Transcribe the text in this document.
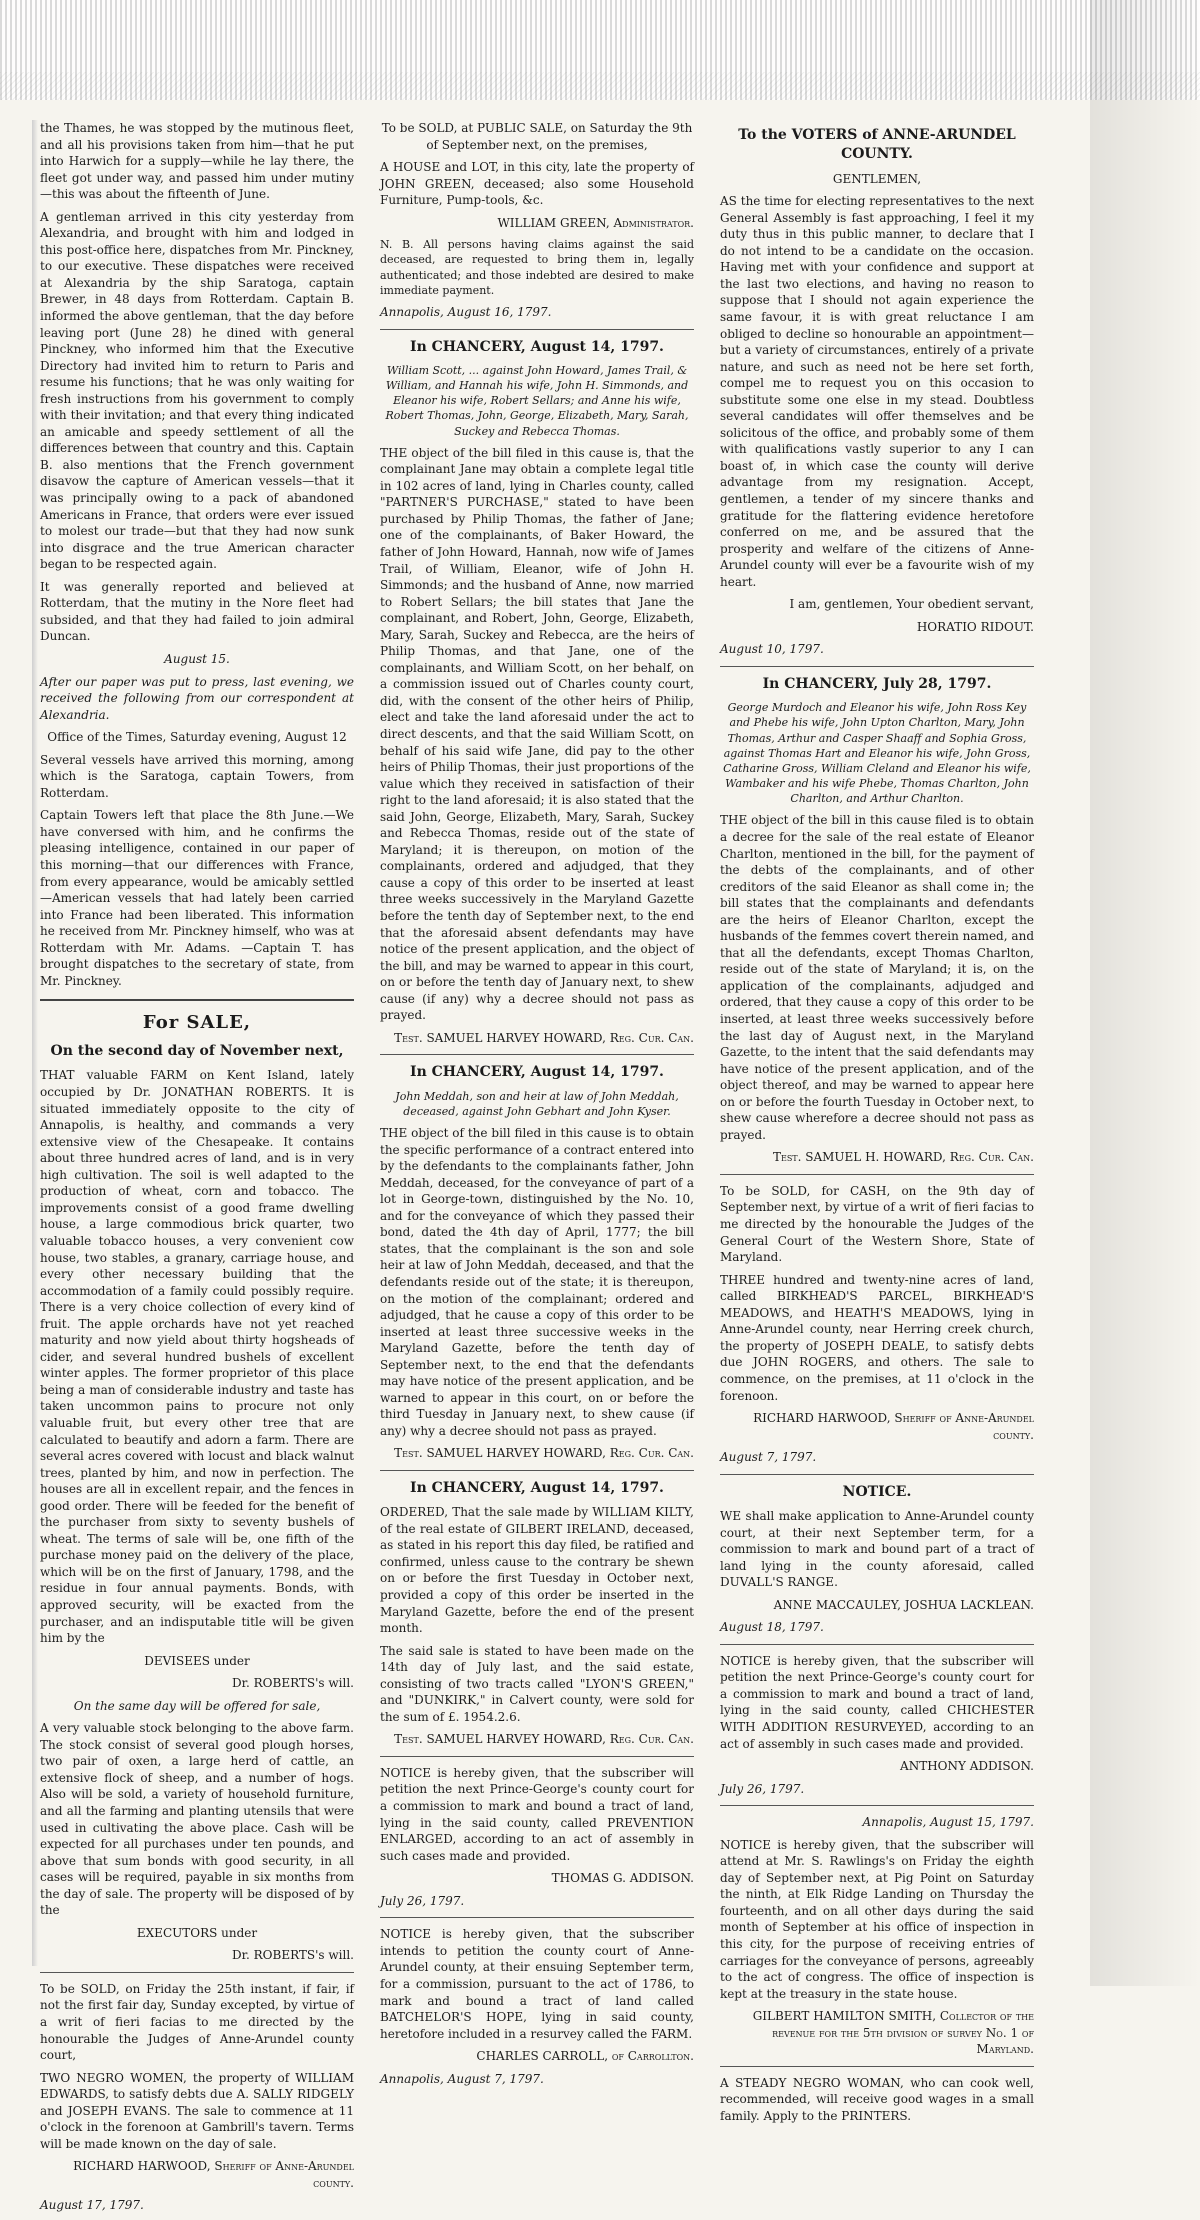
the Thames, he was stopped by the mutinous fleet, and all his provisions taken from him—that he put into Harwich for a supply—while he lay there, the fleet got under way, and passed him under mutiny—this was about the fifteenth of June.

A gentleman arrived in this city yesterday from Alexandria, and brought with him and lodged in this post-office here, dispatches from Mr. Pinckney, to our executive. These dispatches were received at Alexandria by the ship Saratoga, captain Brewer, in 48 days from Rotterdam. Captain B. informed the above gentleman, that the day before leaving port (June 28) he dined with general Pinckney, who informed him that the Executive Directory had invited him to return to Paris and resume his functions; that he was only waiting for fresh instructions from his government to comply with their invitation; and that every thing indicated an amicable and speedy settlement of all the differences between that country and this. Captain B. also mentions that the French government disavow the capture of American vessels—that it was principally owing to a pack of abandoned Americans in France, that orders were ever issued to molest our trade—but that they had now sunk into disgrace and the true American character began to be respected again.

It was generally reported and believed at Rotterdam, that the mutiny in the Nore fleet had subsided, and that they had failed to join admiral Duncan.

August 15.

After our paper was put to press, last evening, we received the following from our correspondent at Alexandria.

Office of the Times, Saturday evening, August 12

Several vessels have arrived this morning, among which is the Saratoga, captain Towers, from Rotterdam.

Captain Towers left that place the 8th June.—We have conversed with him, and he confirms the pleasing intelligence, contained in our paper of this morning—that our differences with France, from every appearance, would be amicably settled—American vessels that had lately been carried into France had been liberated. This information he received from Mr. Pinckney himself, who was at Rotterdam with Mr. Adams. —Captain T. has brought dispatches to the secretary of state, from Mr. Pinckney.

For SALE,
On the second day of November next,

THAT valuable FARM on Kent Island, lately occupied by Dr. JONATHAN ROBERTS. It is situated immediately opposite to the city of Annapolis, is healthy, and commands a very extensive view of the Chesapeake. It contains about three hundred acres of land, and is in very high cultivation. The soil is well adapted to the production of wheat, corn and tobacco. The improvements consist of a good frame dwelling house, a large commodious brick quarter, two valuable tobacco houses, a very convenient cow house, two stables, a granary, carriage house, and every other necessary building that the accommodation of a family could possibly require. There is a very choice collection of every kind of fruit. The apple orchards have not yet reached maturity and now yield about thirty hogsheads of cider, and several hundred bushels of excellent winter apples. The former proprietor of this place being a man of considerable industry and taste has taken uncommon pains to procure not only valuable fruit, but every other tree that are calculated to beautify and adorn a farm. There are several acres covered with locust and black walnut trees, planted by him, and now in perfection. The houses are all in excellent repair, and the fences in good order. There will be feeded for the benefit of the purchaser from sixty to seventy bushels of wheat. The terms of sale will be, one fifth of the purchase money paid on the delivery of the place, which will be on the first of January, 1798, and the residue in four annual payments. Bonds, with approved security, will be exacted from the purchaser, and an indisputable title will be given him by the

DEVISEES under

Dr. ROBERTS's will.

On the same day will be offered for sale,

A very valuable stock belonging to the above farm. The stock consist of several good plough horses, two pair of oxen, a large herd of cattle, an extensive flock of sheep, and a number of hogs. Also will be sold, a variety of household furniture, and all the farming and planting utensils that were used in cultivating the above place. Cash will be expected for all purchases under ten pounds, and above that sum bonds with good security, in all cases will be required, payable in six months from the day of sale. The property will be disposed of by the

EXECUTORS under

Dr. ROBERTS's will.

To be SOLD, on Friday the 25th instant, if fair, if not the first fair day, Sunday excepted, by virtue of a writ of fieri facias to me directed by the honourable the Judges of Anne-Arundel county court,

TWO NEGRO WOMEN, the property of WILLIAM EDWARDS, to satisfy debts due A. SALLY RIDGELY and JOSEPH EVANS. The sale to commence at 11 o'clock in the forenoon at Gambrill's tavern. Terms will be made known on the day of sale.

RICHARD HARWOOD, Sheriff of Anne-Arundel county.

August 17, 1797.

To be SOLD, at PUBLIC SALE, on Saturday the 9th of September next, on the premises,

A HOUSE and LOT, in this city, late the property of JOHN GREEN, deceased; also some Household Furniture, Pump-tools, &c.

WILLIAM GREEN, Administrator.

N. B. All persons having claims against the said deceased, are requested to bring them in, legally authenticated; and those indebted are desired to make immediate payment.

Annapolis, August 16, 1797.

In CHANCERY, August 14, 1797.

William Scott, ... against John Howard, James Trail, & William, and Hannah his wife, John H. Simmonds, and Eleanor his wife, Robert Sellars; and Anne his wife, Robert Thomas, John, George, Elizabeth, Mary, Sarah, Suckey and Rebecca Thomas.

THE object of the bill filed in this cause is, that the complainant Jane may obtain a complete legal title in 102 acres of land, lying in Charles county, called "PARTNER'S PURCHASE," stated to have been purchased by Philip Thomas, the father of Jane; one of the complainants, of Baker Howard, the father of John Howard, Hannah, now wife of James Trail, of William, Eleanor, wife of John H. Simmonds; and the husband of Anne, now married to Robert Sellars; the bill states that Jane the complainant, and Robert, John, George, Elizabeth, Mary, Sarah, Suckey and Rebecca, are the heirs of Philip Thomas, and that Jane, one of the complainants, and William Scott, on her behalf, on a commission issued out of Charles county court, did, with the consent of the other heirs of Philip, elect and take the land aforesaid under the act to direct descents, and that the said William Scott, on behalf of his said wife Jane, did pay to the other heirs of Philip Thomas, their just proportions of the value which they received in satisfaction of their right to the land aforesaid; it is also stated that the said John, George, Elizabeth, Mary, Sarah, Suckey and Rebecca Thomas, reside out of the state of Maryland; it is thereupon, on motion of the complainants, ordered and adjudged, that they cause a copy of this order to be inserted at least three weeks successively in the Maryland Gazette before the tenth day of September next, to the end that the aforesaid absent defendants may have notice of the present application, and the object of the bill, and may be warned to appear in this court, on or before the tenth day of January next, to shew cause (if any) why a decree should not pass as prayed.

Test. SAMUEL HARVEY HOWARD, Reg. Cur. Can.

In CHANCERY, August 14, 1797.

John Meddah, son and heir at law of John Meddah, deceased, against John Gebhart and John Kyser.

THE object of the bill filed in this cause is to obtain the specific performance of a contract entered into by the defendants to the complainants father, John Meddah, deceased, for the conveyance of part of a lot in George-town, distinguished by the No. 10, and for the conveyance of which they passed their bond, dated the 4th day of April, 1777; the bill states, that the complainant is the son and sole heir at law of John Meddah, deceased, and that the defendants reside out of the state; it is thereupon, on the motion of the complainant; ordered and adjudged, that he cause a copy of this order to be inserted at least three successive weeks in the Maryland Gazette, before the tenth day of September next, to the end that the defendants may have notice of the present application, and be warned to appear in this court, on or before the third Tuesday in January next, to shew cause (if any) why a decree should not pass as prayed.

Test. SAMUEL HARVEY HOWARD, Reg. Cur. Can.

In CHANCERY, August 14, 1797.

ORDERED, That the sale made by WILLIAM KILTY, of the real estate of GILBERT IRELAND, deceased, as stated in his report this day filed, be ratified and confirmed, unless cause to the contrary be shewn on or before the first Tuesday in October next, provided a copy of this order be inserted in the Maryland Gazette, before the end of the present month.

The said sale is stated to have been made on the 14th day of July last, and the said estate, consisting of two tracts called "LYON'S GREEN," and "DUNKIRK," in Calvert county, were sold for the sum of £. 1954.2.6.

Test. SAMUEL HARVEY HOWARD, Reg. Cur. Can.

NOTICE is hereby given, that the subscriber will petition the next Prince-George's county court for a commission to mark and bound a tract of land, lying in the said county, called PREVENTION ENLARGED, according to an act of assembly in such cases made and provided.

THOMAS G. ADDISON.

July 26, 1797.

NOTICE is hereby given, that the subscriber intends to petition the county court of Anne-Arundel county, at their ensuing September term, for a commission, pursuant to the act of 1786, to mark and bound a tract of land called BATCHELOR'S HOPE, lying in said county, heretofore included in a resurvey called the FARM.

CHARLES CARROLL, of Carrollton.

Annapolis, August 7, 1797.

To the VOTERS of ANNE-ARUNDEL COUNTY.

GENTLEMEN,

AS the time for electing representatives to the next General Assembly is fast approaching, I feel it my duty thus in this public manner, to declare that I do not intend to be a candidate on the occasion. Having met with your confidence and support at the last two elections, and having no reason to suppose that I should not again experience the same favour, it is with great reluctance I am obliged to decline so honourable an appointment—but a variety of circumstances, entirely of a private nature, and such as need not be here set forth, compel me to request you on this occasion to substitute some one else in my stead. Doubtless several candidates will offer themselves and be solicitous of the office, and probably some of them with qualifications vastly superior to any I can boast of, in which case the county will derive advantage from my resignation. Accept, gentlemen, a tender of my sincere thanks and gratitude for the flattering evidence heretofore conferred on me, and be assured that the prosperity and welfare of the citizens of Anne-Arundel county will ever be a favourite wish of my heart.

I am, gentlemen, Your obedient servant,

HORATIO RIDOUT.

August 10, 1797.

In CHANCERY, July 28, 1797.

George Murdoch and Eleanor his wife, John Ross Key and Phebe his wife, John Upton Charlton, Mary, John Thomas, Arthur and Casper Shaaff and Sophia Gross, against Thomas Hart and Eleanor his wife, John Gross, Catharine Gross, William Cleland and Eleanor his wife, Wambaker and his wife Phebe, Thomas Charlton, John Charlton, and Arthur Charlton.

THE object of the bill in this cause filed is to obtain a decree for the sale of the real estate of Eleanor Charlton, mentioned in the bill, for the payment of the debts of the complainants, and of other creditors of the said Eleanor as shall come in; the bill states that the complainants and defendants are the heirs of Eleanor Charlton, except the husbands of the femmes covert therein named, and that all the defendants, except Thomas Charlton, reside out of the state of Maryland; it is, on the application of the complainants, adjudged and ordered, that they cause a copy of this order to be inserted, at least three weeks successively before the last day of August next, in the Maryland Gazette, to the intent that the said defendants may have notice of the present application, and of the object thereof, and may be warned to appear here on or before the fourth Tuesday in October next, to shew cause wherefore a decree should not pass as prayed.

Test. SAMUEL H. HOWARD, Reg. Cur. Can.

To be SOLD, for CASH, on the 9th day of September next, by virtue of a writ of fieri facias to me directed by the honourable the Judges of the General Court of the Western Shore, State of Maryland.

THREE hundred and twenty-nine acres of land, called BIRKHEAD'S PARCEL, BIRKHEAD'S MEADOWS, and HEATH'S MEADOWS, lying in Anne-Arundel county, near Herring creek church, the property of JOSEPH DEALE, to satisfy debts due JOHN ROGERS, and others. The sale to commence, on the premises, at 11 o'clock in the forenoon.

RICHARD HARWOOD, Sheriff of Anne-Arundel county.

August 7, 1797.

NOTICE.

WE shall make application to Anne-Arundel county court, at their next September term, for a commission to mark and bound part of a tract of land lying in the county aforesaid, called DUVALL'S RANGE.

ANNE MACCAULEY, JOSHUA LACKLEAN.

August 18, 1797.

NOTICE is hereby given, that the subscriber will petition the next Prince-George's county court for a commission to mark and bound a tract of land, lying in the said county, called CHICHESTER WITH ADDITION RESURVEYED, according to an act of assembly in such cases made and provided.

ANTHONY ADDISON.

July 26, 1797.

Annapolis, August 15, 1797.

NOTICE is hereby given, that the subscriber will attend at Mr. S. Rawlings's on Friday the eighth day of September next, at Pig Point on Saturday the ninth, at Elk Ridge Landing on Thursday the fourteenth, and on all other days during the said month of September at his office of inspection in this city, for the purpose of receiving entries of carriages for the conveyance of persons, agreeably to the act of congress. The office of inspection is kept at the treasury in the state house.

GILBERT HAMILTON SMITH, Collector of the revenue for the 5th division of survey No. 1 of Maryland.

A STEADY NEGRO WOMAN, who can cook well, recommended, will receive good wages in a small family. Apply to the PRINTERS.
